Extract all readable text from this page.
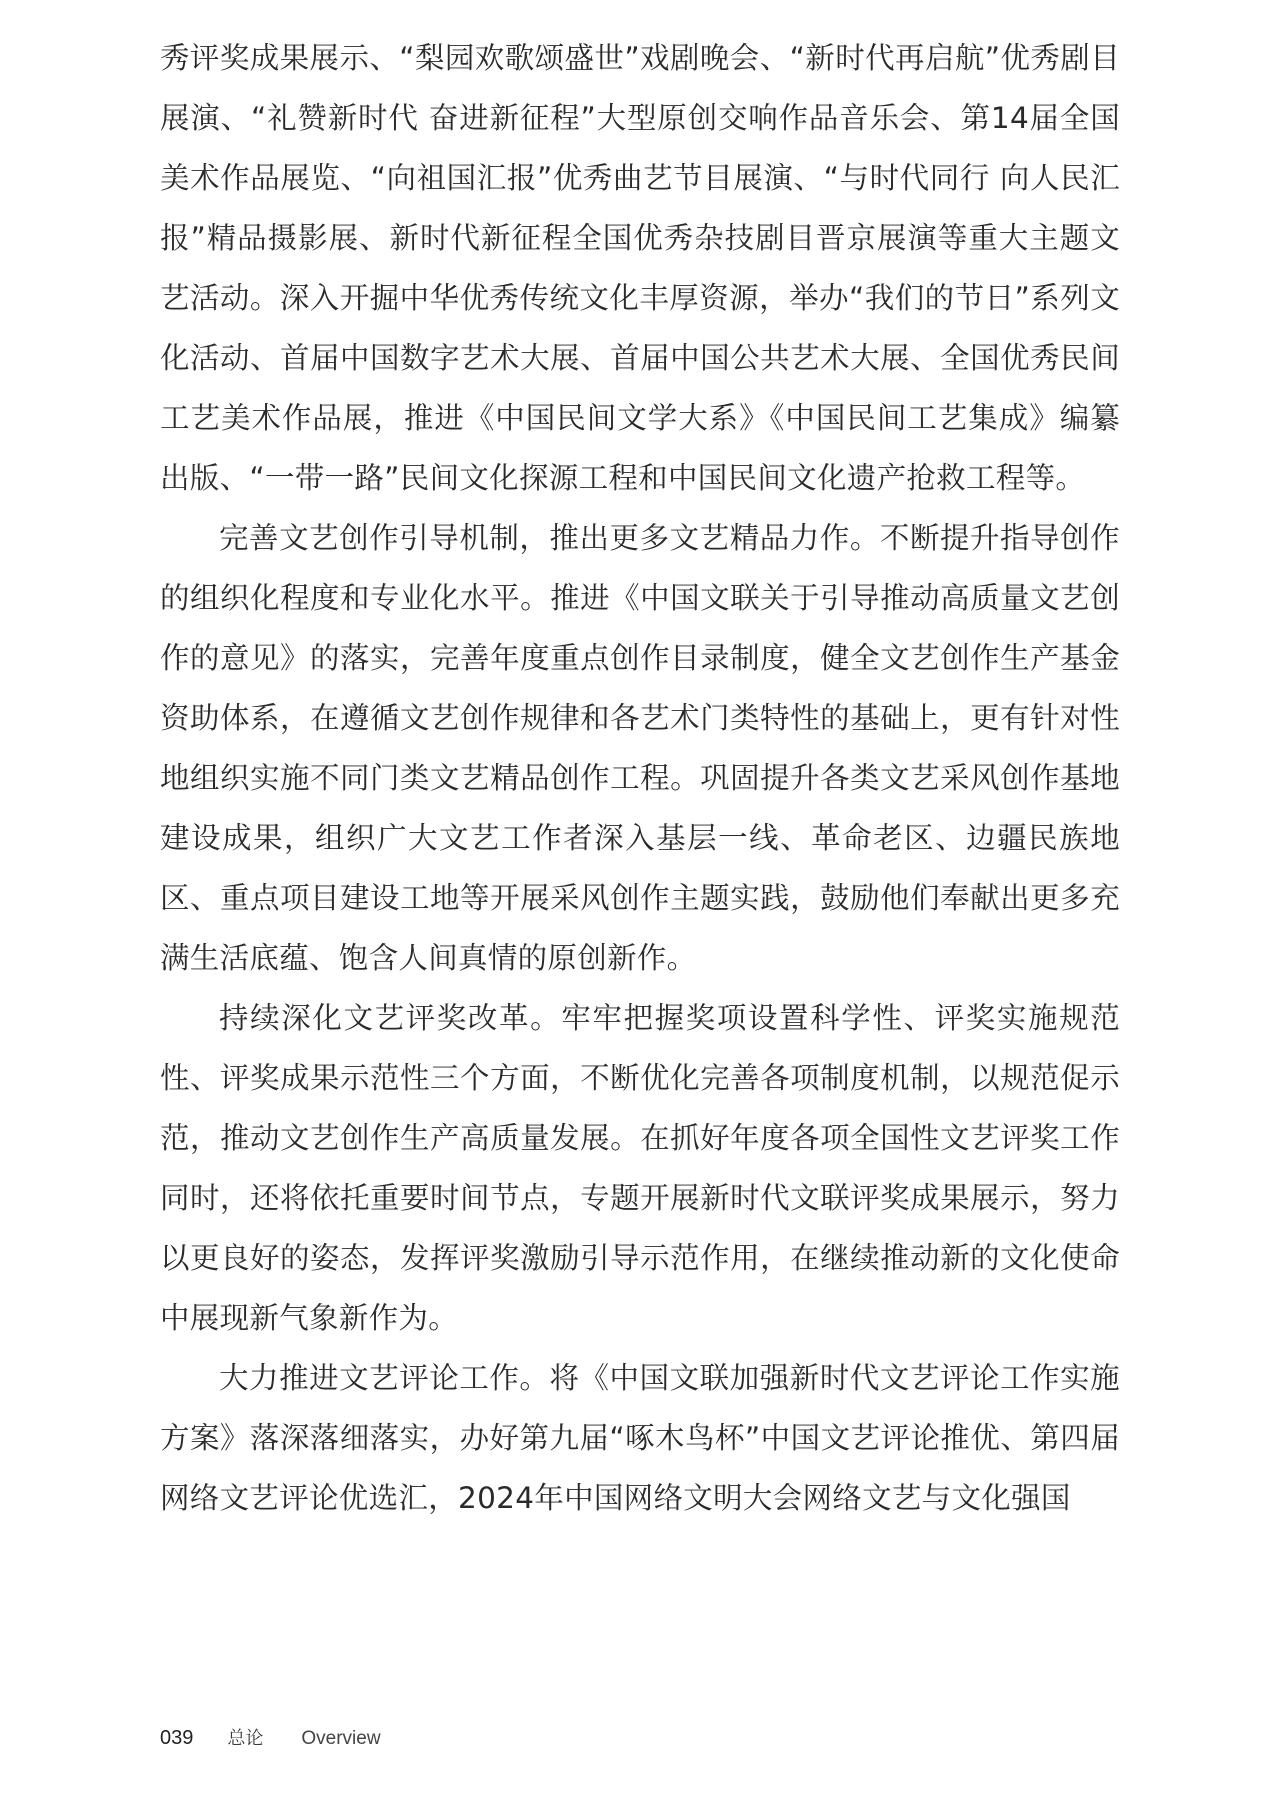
秀评奖成果展示、“梨园欢歌颂盛世”戏剧晚会、“新时代再启航”优秀剧目展演、“礼赞新时代 奋进新征程”大型原创交响作品音乐会、第14届全国美术作品展览、“向祖国汇报”优秀曲艺节目展演、“与时代同行 向人民汇报”精品摄影展、新时代新征程全国优秀杂技剧目晋京展演等重大主题文艺活动。深入开掘中华优秀传统文化丰厚资源，举办“我们的节日”系列文化活动、首届中国数字艺术大展、首届中国公共艺术大展、全国优秀民间工艺美术作品展，推进《中国民间文学大系》《中国民间工艺集成》编纂出版、“一带一路”民间文化探源工程和中国民间文化遗产抢救工程等。

完善文艺创作引导机制，推出更多文艺精品力作。不断提升指导创作的组织化程度和专业化水平。推进《中国文联关于引导推动高质量文艺创作的意见》的落实，完善年度重点创作目录制度，健全文艺创作生产基金资助体系，在遵循文艺创作规律和各艺术门类特性的基础上，更有针对性地组织实施不同门类文艺精品创作工程。巩固提升各类文艺采风创作基地建设成果，组织广大文艺工作者深入基层一线、革命老区、边疆民族地区、重点项目建设工地等开展采风创作主题实践，鼓励他们奉献出更多充满生活底蕴、饱含人间真情的原创新作。

持续深化文艺评奖改革。牢牢把握奖项设置科学性、评奖实施规范性、评奖成果示范性三个方面，不断优化完善各项制度机制，以规范促示范，推动文艺创作生产高质量发展。在抓好年度各项全国性文艺评奖工作同时，还将依托重要时间节点，专题开展新时代文联评奖成果展示，努力以更良好的姿态，发挥评奖激励引导示范作用，在继续推动新的文化使命中展现新气象新作为。

大力推进文艺评论工作。将《中国文联加强新时代文艺评论工作实施方案》落深落细落实，办好第九届“啄木鸟杯”中国文艺评论推优、第四届网络文艺评论优选汇，2024年中国网络文明大会网络文艺与文化强国

039 总论 Overview
